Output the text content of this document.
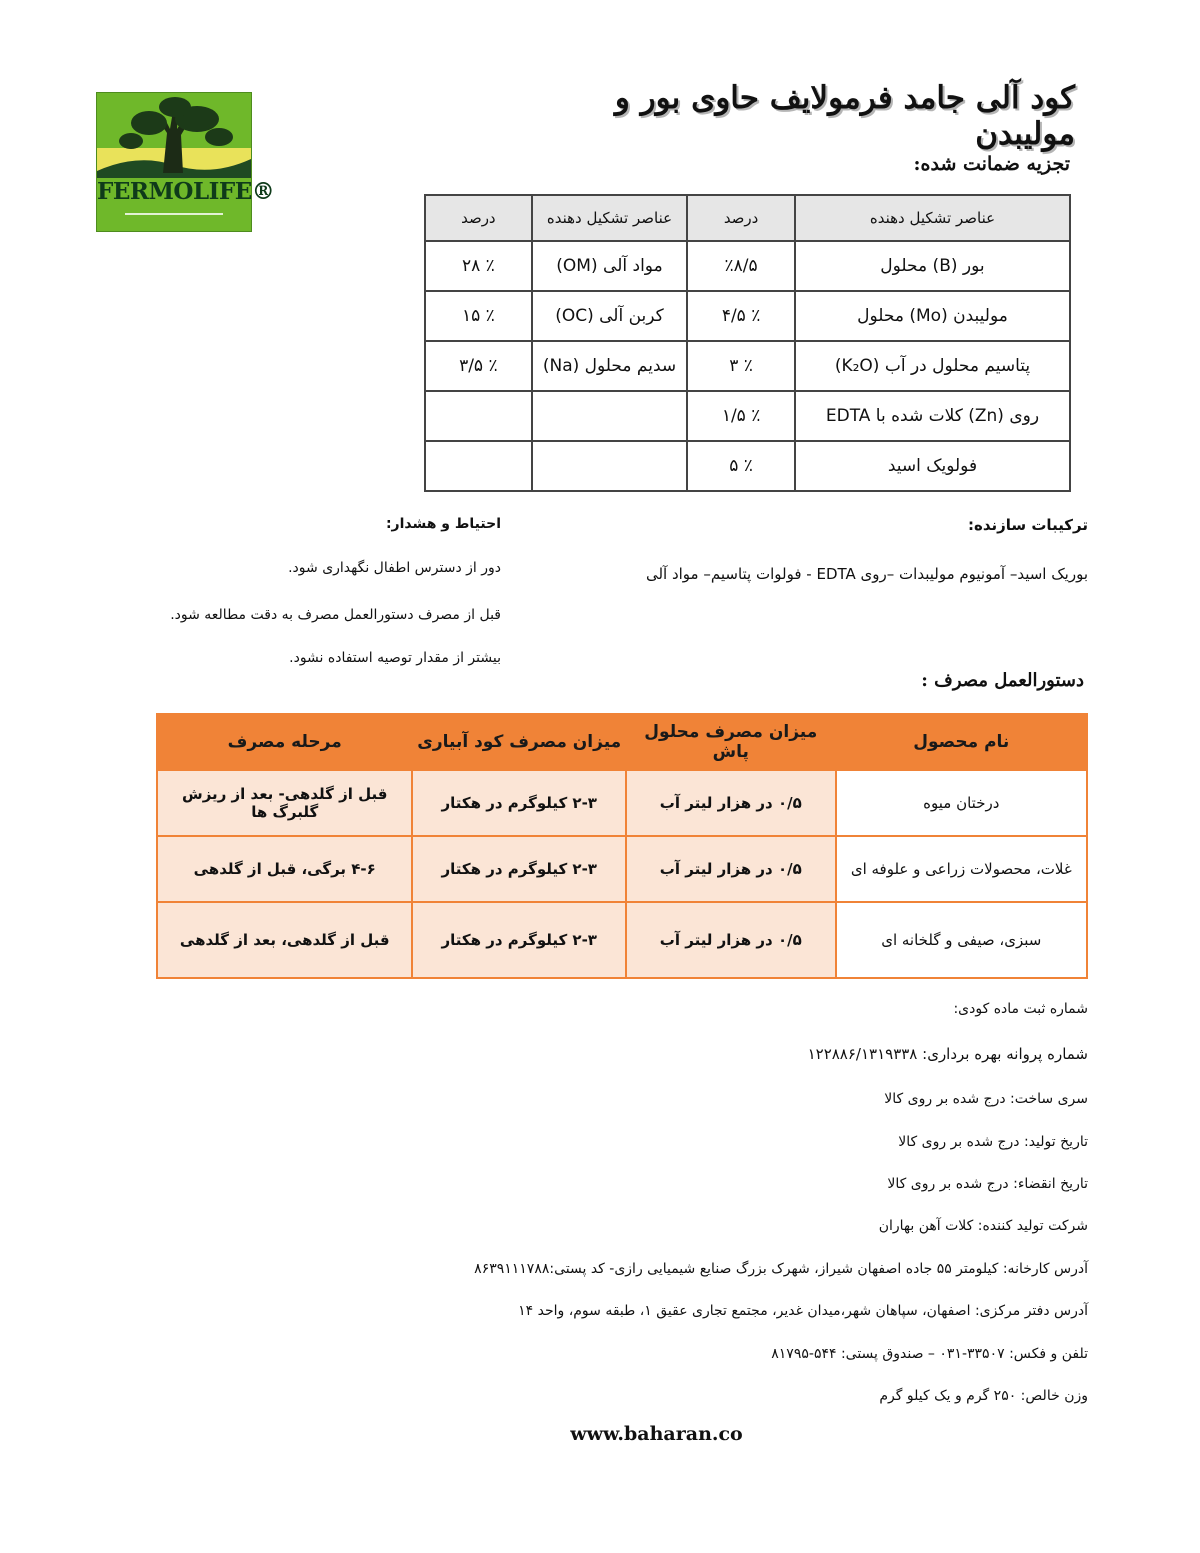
کود آلی جامد فرمولایف حاوی بور و مولیبدن
FERMOLIFE®
تجزیه ضمانت شده:
عناصر تشکیل دهنده	درصد	عناصر تشکیل دهنده	درصد
بور (B) محلول	٪۸/۵	مواد آلی (OM)	٪ ۲۸
مولیبدن (Mo) محلول	٪ ۴/۵	کربن آلی (OC)	٪ ۱۵
پتاسیم محلول در آب (K₂O)	٪ ۳	سدیم محلول (Na)	٪ ۳/۵
روی (Zn) کلات شده با EDTA	٪ ۱/۵		
فولویک اسید	٪ ۵		
ترکیبات سازنده:
بوریک اسید– آمونیوم مولیبدات –روی EDTA - فولوات پتاسیم– مواد آلی
احتیاط و هشدار:
دور از دسترس اطفال نگهداری شود.
قبل از مصرف دستورالعمل مصرف به دقت مطالعه شود.
بیشتر از مقدار توصیه استفاده نشود.
دستورالعمل مصرف :
نام محصول	میزان مصرف محلول پاش	میزان مصرف کود آبیاری	مرحله مصرف
درختان میوه	۰/۵ در هزار لیتر آب	۲-۳ کیلوگرم در هکتار	قبل از گلدهی- بعد از ریزش گلبرگ ها
غلات، محصولات زراعی و علوفه ای	۰/۵ در هزار لیتر آب	۲-۳ کیلوگرم در هکتار	۴-۶ برگی، قبل از گلدهی
سبزی، صیفی و گلخانه ای	۰/۵ در هزار لیتر آب	۲-۳ کیلوگرم در هکتار	قبل از گلدهی، بعد از گلدهی
شماره ثبت ماده کودی:
شماره پروانه بهره برداری: ۱۲۲۸۸۶/۱۳۱۹۳۳۸
سری ساخت: درج شده بر روی کالا
تاریخ تولید: درج شده بر روی کالا
تاریخ انقضاء: درج شده بر روی کالا
شرکت تولید کننده: کلات آهن بهاران
آدرس کارخانه: کیلومتر ۵۵ جاده اصفهان شیراز، شهرک بزرگ صنایع شیمیایی رازی- کد پستی:۸۶۳۹۱۱۱۷۸۸
آدرس دفتر مرکزی: اصفهان، سپاهان شهر،میدان غدیر، مجتمع تجاری عقیق ۱، طبقه سوم، واحد ۱۴
تلفن و فکس: ۳۳۵۰۷-۰۳۱ – صندوق پستی: ۵۴۴-۸۱۷۹۵
وزن خالص: ۲۵۰ گرم و یک کیلو گرم
www.baharan.co
